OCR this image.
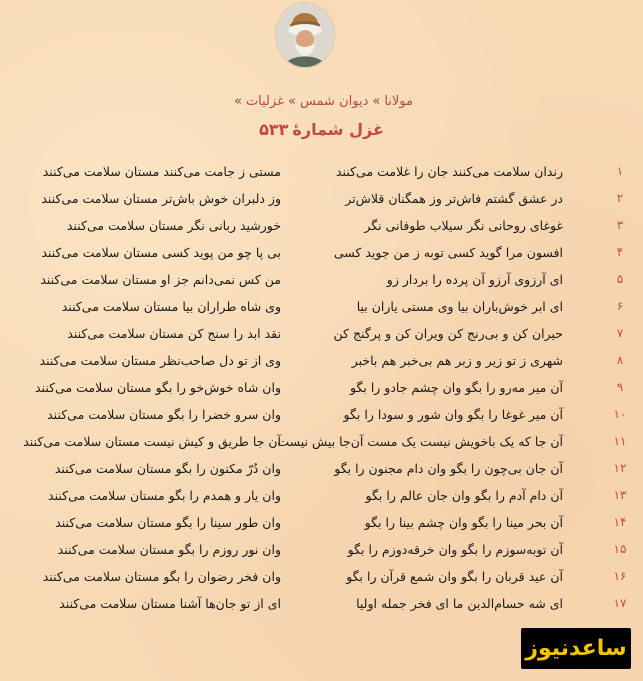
مولانا»دیوان شمس»غزلیات»
غزل شمارهٔ۵۳۳
۱
رندان سلامت می‌کنند جان را غلامت می‌کنند
مستی ز جامت می‌کنند مستان سلامت می‌کنند
۲
در عشق گشتم فاش‌تر وز همگنان قلاش‌تر
وز دلبران خوش باش‌تر مستان سلامت می‌کنند
۳
غوغای روحانی نگر سیلاب طوفانی نگر
خورشید ربانی نگر مستان سلامت می‌کنند
۴
افسون مرا گوید کسی توبه ز من جوید کسی
بی پا چو من پوید کسی مستان سلامت می‌کنند
۵
ای آرزوی آرزو آن پرده را بردار زو
من کس نمی‌دانم جز او مستان سلامت می‌کنند
۶
ای ابر خوش‌باران بیا وی مستی یاران بیا
وی شاه طراران بیا مستان سلامت می‌کنند
۷
حیران کن و بی‌رنج کن ویران کن و پرگنج کن
نقد ابد را سنج کن مستان سلامت می‌کنند
۸
شهری ز تو زیر و زبر هم بی‌خبر هم باخبر
وی از تو دل صاحب‌نظر مستان سلامت می‌کنند
۹
آن میر مه‌رو را بگو وان چشم جادو را بگو
وان شاه خوش‌خو را بگو مستان سلامت می‌کنند
۱۰
آن میر غوغا را بگو وان شور و سودا را بگو
وان سرو خضرا را بگو مستان سلامت می‌کنند
۱۱
آن جا که یک باخویش نیست یک مست آن‌جا بیش نیست
آن جا طریق و کیش نیست مستان سلامت می‌کنند
۱۲
آن جان بی‌چون را بگو وان دام مجنون را بگو
وان دُرّ مکنون را بگو مستان سلامت می‌کنند
۱۳
آن دام آدم را بگو وان جان عالم را بگو
وان یار و همدم را بگو مستان سلامت می‌کنند
۱۴
آن بحر مینا را بگو وان چشم بینا را بگو
وان طور سینا را بگو مستان سلامت می‌کنند
۱۵
آن توبه‌سوزم را بگو وان خرقه‌دوزم را بگو
وان نور روزم را بگو مستان سلامت می‌کنند
۱۶
آن عید قربان را بگو وان شمع قرآن را بگو
وان فخر رضوان را بگو مستان سلامت می‌کنند
۱۷
ای شه حسام‌الدین ما ای فخر جمله اولیا
ای از تو جان‌ها آشنا مستان سلامت می‌کنند
ساعدنیوز
